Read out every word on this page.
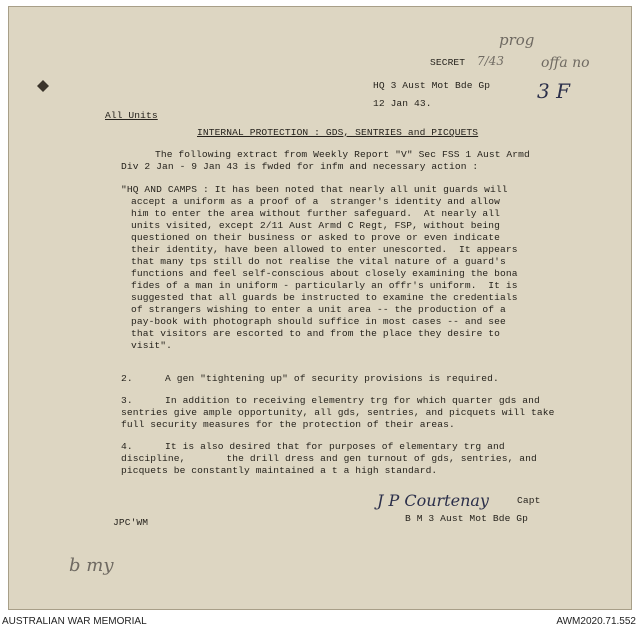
SECRET 7/43
prog
offa no
HQ 3 Aust Mot Bde Gp
12 Jan 43.
3 F
All Units
INTERNAL PROTECTION : GDS, SENTRIES and PICQUETS
The following extract from Weekly Report "V" Sec FSS 1 Aust Armd
Div 2 Jan - 9 Jan 43 is fwded for infm and necessary action :
"HQ AND CAMPS : It has been noted that nearly all unit guards will
accept a uniform as a proof of a  stranger's identity and allow
him to enter the area without further safeguard.  At nearly all
units visited, except 2/11 Aust Armd C Regt, FSP, without being
questioned on their business or asked to prove or even indicate
their identity, have been allowed to enter unescorted.  It appears
that many tps still do not realise the vital nature of a guard's
functions and feel self-conscious about closely examining the bona
fides of a man in uniform - particularly an offr's uniform.  It is
suggested that all guards be instructed to examine the credentials
of strangers wishing to enter a unit area -- the production of a
pay-book with photograph should suffice in most cases -- and see
that visitors are escorted to and from the place they desire to
visit".
2.	A gen "tightening up" of security provisions is required.
3.	In addition to receiving elementry trg for which quarter gds and
sentries give ample opportunity, all gds, sentries, and picquets will take
full security measures for the protection of their areas.
4.	It is also desired that for purposes of elementary trg and
discipline,       the drill dress and gen turnout of gds, sentries, and
picquets be constantly maintained a t a high standard.
J P Courtenay	Capt
B M 3 Aust Mot Bde Gp
JPC'WM
b my
AUSTRALIAN WAR MEMORIAL	AWM2020.71.552
